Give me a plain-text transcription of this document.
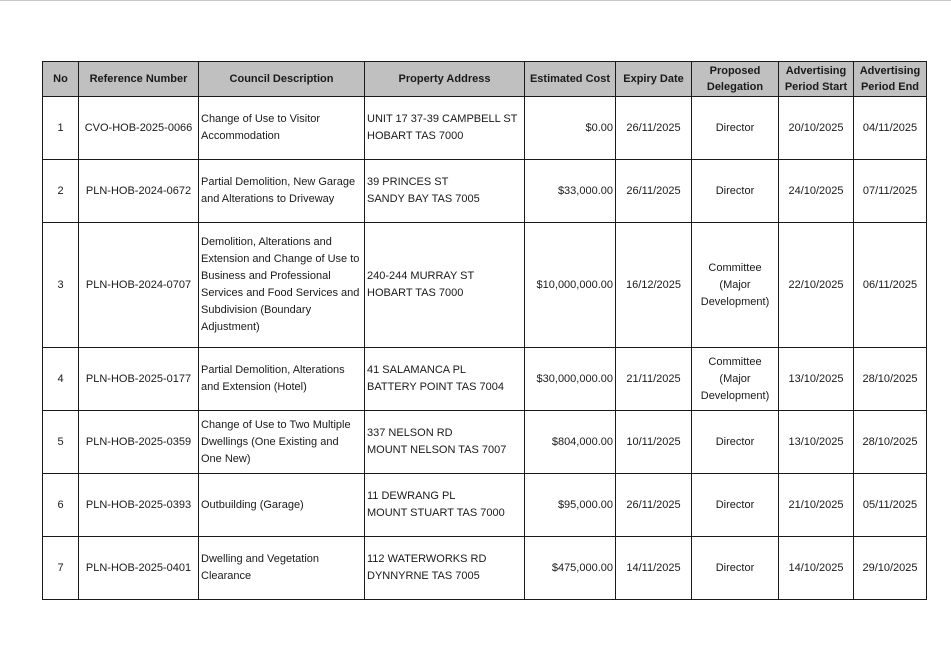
No	Reference Number	Council Description	Property Address	Estimated Cost	Expiry Date	Proposed Delegation	Advertising Period Start	Advertising Period End
1	CVO-HOB-2025-0066	Change of Use to Visitor Accommodation	UNIT 17 37-39 CAMPBELL ST
HOBART TAS 7000	$0.00	26/11/2025	Director	20/10/2025	04/11/2025
2	PLN-HOB-2024-0672	Partial Demolition, New Garage and Alterations to Driveway	39 PRINCES ST
SANDY BAY TAS 7005	$33,000.00	26/11/2025	Director	24/10/2025	07/11/2025
3	PLN-HOB-2024-0707	Demolition, Alterations and Extension and Change of Use to Business and Professional Services and Food Services and Subdivision (Boundary Adjustment)	240-244 MURRAY ST
HOBART TAS 7000	$10,000,000.00	16/12/2025	Committee (Major Development)	22/10/2025	06/11/2025
4	PLN-HOB-2025-0177	Partial Demolition, Alterations and Extension (Hotel)	41 SALAMANCA PL
BATTERY POINT TAS 7004	$30,000,000.00	21/11/2025	Committee (Major Development)	13/10/2025	28/10/2025
5	PLN-HOB-2025-0359	Change of Use to Two Multiple Dwellings (One Existing and One New)	337 NELSON RD
MOUNT NELSON TAS 7007	$804,000.00	10/11/2025	Director	13/10/2025	28/10/2025
6	PLN-HOB-2025-0393	Outbuilding (Garage)	11 DEWRANG PL
MOUNT STUART TAS 7000	$95,000.00	26/11/2025	Director	21/10/2025	05/11/2025
7	PLN-HOB-2025-0401	Dwelling and Vegetation Clearance	112 WATERWORKS RD
DYNNYRNE TAS 7005	$475,000.00	14/11/2025	Director	14/10/2025	29/10/2025
